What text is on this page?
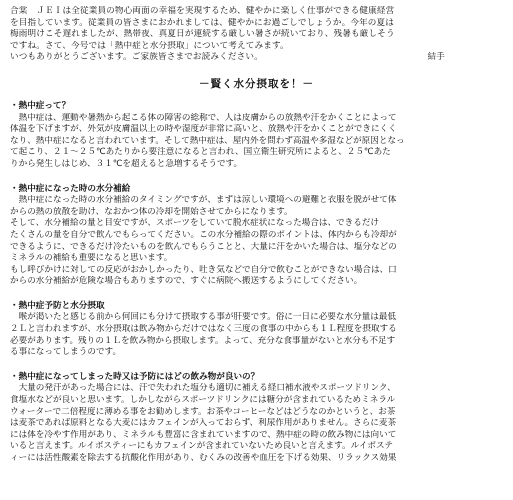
合棠　ＪＥＩは全従業員の物心両面の幸福を実現するため、健やかに楽しく仕事ができる健康経営
を目指しています。従業員の皆さまにおかれましては、健やかにお過ごしでしょうか。今年の夏は
梅雨明けこそ遅れましたが、熱帯夜、真夏日が連続する厳しい暑さが続いており、残暑も厳しそう
ですね。さて、今号では「熱中症と水分摂取」について考えてみます。
いつもありがとうございます。ご家族皆さまでお読みください。	結手
－賢く水分摂取を！－
・熱中症って？
　熱中症は、運動や暑熱から起こる体の障害の総称で、人は皮膚からの放熱や汗をかくことによって
体温を下げますが、外気が皮膚温以上の時や湿度が非常に高いと、放熱や汗をかくことができにくく
なり、熱中症になると言われています。そして熱中症は、屋内外を問わず高温や多湿などが原因となっ
て起こり、２１～２５℃あたりから要注意になると言われ、国立衛生研究所によると、２５℃あた
りから発生しはじめ、３１℃を超えると急増するそうです。
・熱中症になった時の水分補給
　熱中症になった時の水分補給のタイミングですが、まずは涼しい環境への避難と衣服を脱がせて体
からの熱の放散を助け、なおかつ体の冷却を開始させてからになります。
そして、水分補給の量と目安ですが、スポーツをしていて脱水症状になった場合は、できるだけ
たくさんの量を自分で飲んでもらってください。この水分補給の際のポイントは、体内からも冷却が
できるように、できるだけ冷たいものを飲んでもらうことと、大量に汗をかいた場合は、塩分などの
ミネラルの補給も重要になると思います。
もし呼びかけに対しての反応がおかしかったり、吐き気などで自分で飲むことができない場合は、口
からの水分補給が危険な場合もありますので、すぐに病院へ搬送するようにしてください。
・熱中症予防と水分摂取
　喉が渇いたと感じる前から何回にも分けて摂取する事が肝要です。俗に一日に必要な水分量は最低
２Ｌと言われますが、水分摂取は飲み物からだけではなく三度の食事の中からも１Ｌ程度を摂取する
必要があります。残りの１Ｌを飲み物から摂取します。よって、充分な食事量がないと水分も不足す
る事になってしまうのです。
・熱中症になってしまった時又は予防にはどの飲み物が良いの？
　大量の発汗があった場合には、汗で失われた塩分も適切に補える経口補水液やスポーツドリンク、
食塩水などが良いと思います。しかしながらスポーツドリンクには糖分が含まれているためミネラル
ウォーターで二倍程度に薄める事をお勧めします。お茶やコーヒーなどはどうなのかというと、お茶
は麦茶であれば原料となる大麦にはカフェインが入っておらず、利尿作用がありません。さらに麦茶
には体を冷やす作用があり、ミネラルも豊富に含まれていますので、熱中症の時の飲み物には向いて
いると言えます。ルイボスティーにもカフェインが含まれていないため良いと言えます。ルイボステ
ィーには活性酸素を除去する抗酸化作用があり、むくみの改善や血圧を下げる効果、リラックス効果
